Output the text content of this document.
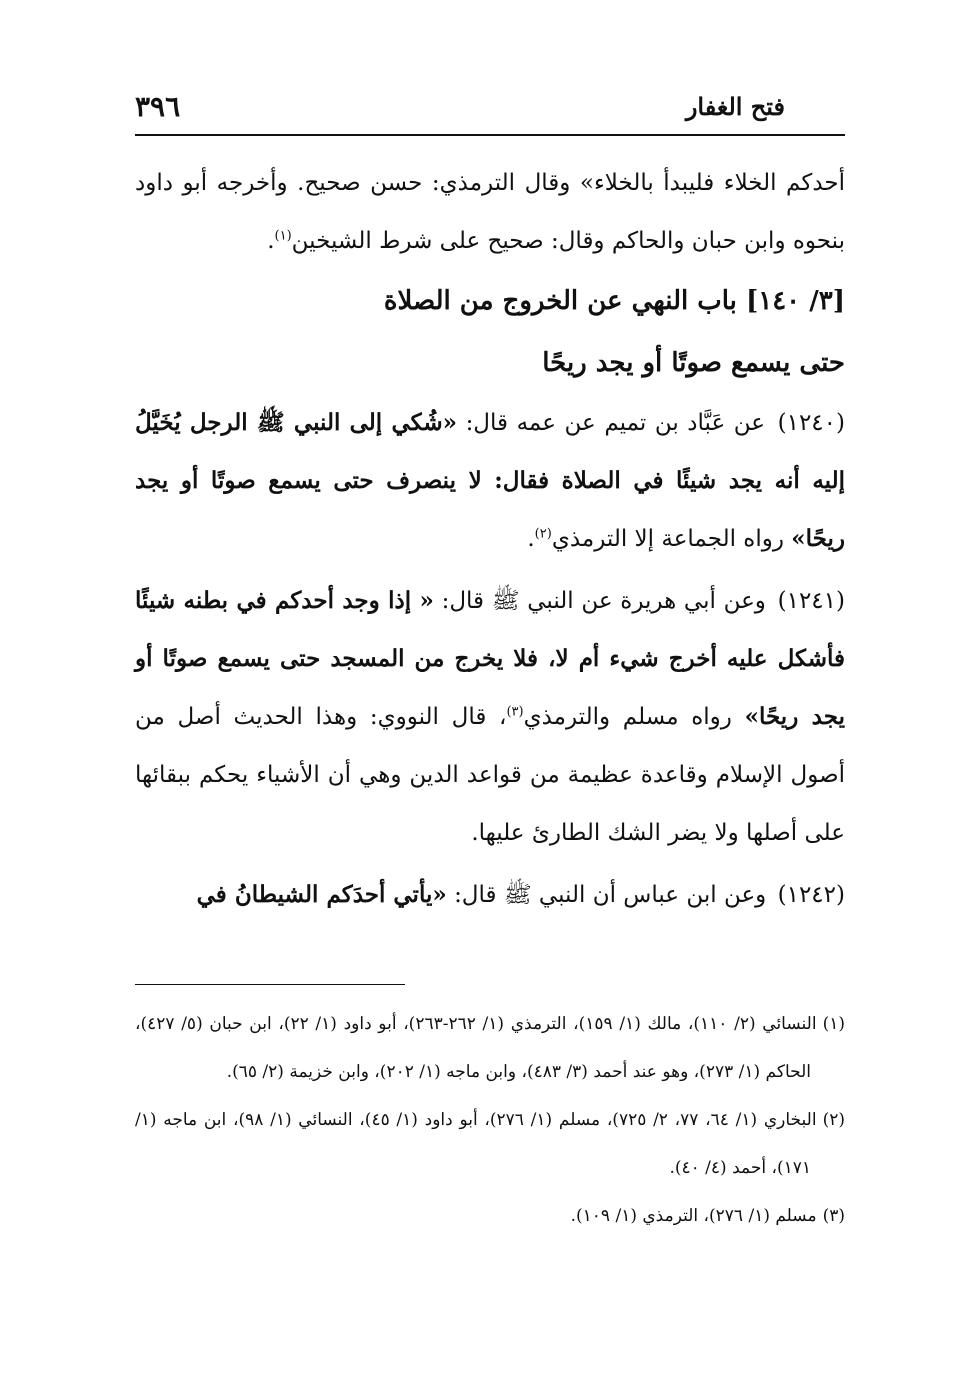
فتح الغفار
٣٩٦

أحدكم الخلاء فليبدأ بالخلاء» وقال الترمذي: حسن صحيح. وأخرجه أبو داود بنحوه وابن حبان والحاكم وقال: صحيح على شرط الشيخين$^{(١)}$.

[٣/ ١٤٠] باب النهي عن الخروج من الصلاة
حتى يسمع صوتًا أو يجد ريحًا

(١٢٤٠) عن عَبَّاد بن تميم عن عمه قال: «شُكي إلى النبي ﷺ الرجل يُخَيَّلُ إليه أنه يجد شيئًا في الصلاة فقال: لا ينصرف حتى يسمع صوتًا أو يجد ريحًا» رواه الجماعة إلا الترمذي$^{(٢)}$.

(١٢٤١) وعن أبي هريرة عن النبي ﷺ قال: « إذا وجد أحدكم في بطنه شيئًا فأشكل عليه أخرج شيء أم لا، فلا يخرج من المسجد حتى يسمع صوتًا أو يجد ريحًا» رواه مسلم والترمذي$^{(٣)}$، قال النووي: وهذا الحديث أصل من أصول الإسلام وقاعدة عظيمة من قواعد الدين وهي أن الأشياء يحكم ببقائها على أصلها ولا يضر الشك الطارئ عليها.

(١٢٤٢) وعن ابن عباس أن النبي ﷺ قال: «يأتي أحدَكم الشيطانُ في

(١)النسائي (٢/ ١١٠)، مالك (١/ ١٥٩)، الترمذي (١/ ٢٦٢-٢٦٣)، أبو داود (١/ ٢٢)، ابن حبان (٥/ ٤٢٧)، الحاكم (١/ ٢٧٣)، وهو عند أحمد (٣/ ٤٨٣)، وابن ماجه (١/ ٢٠٢)، وابن خزيمة (٢/ ٦٥).

(٢)البخاري (١/ ٦٤، ٧٧، ٢/ ٧٢٥)، مسلم (١/ ٢٧٦)، أبو داود (١/ ٤٥)، النسائي (١/ ٩٨)، ابن ماجه (١/ ١٧١)، أحمد (٤/ ٤٠).

(٣)مسلم (١/ ٢٧٦)، الترمذي (١/ ١٠٩).
